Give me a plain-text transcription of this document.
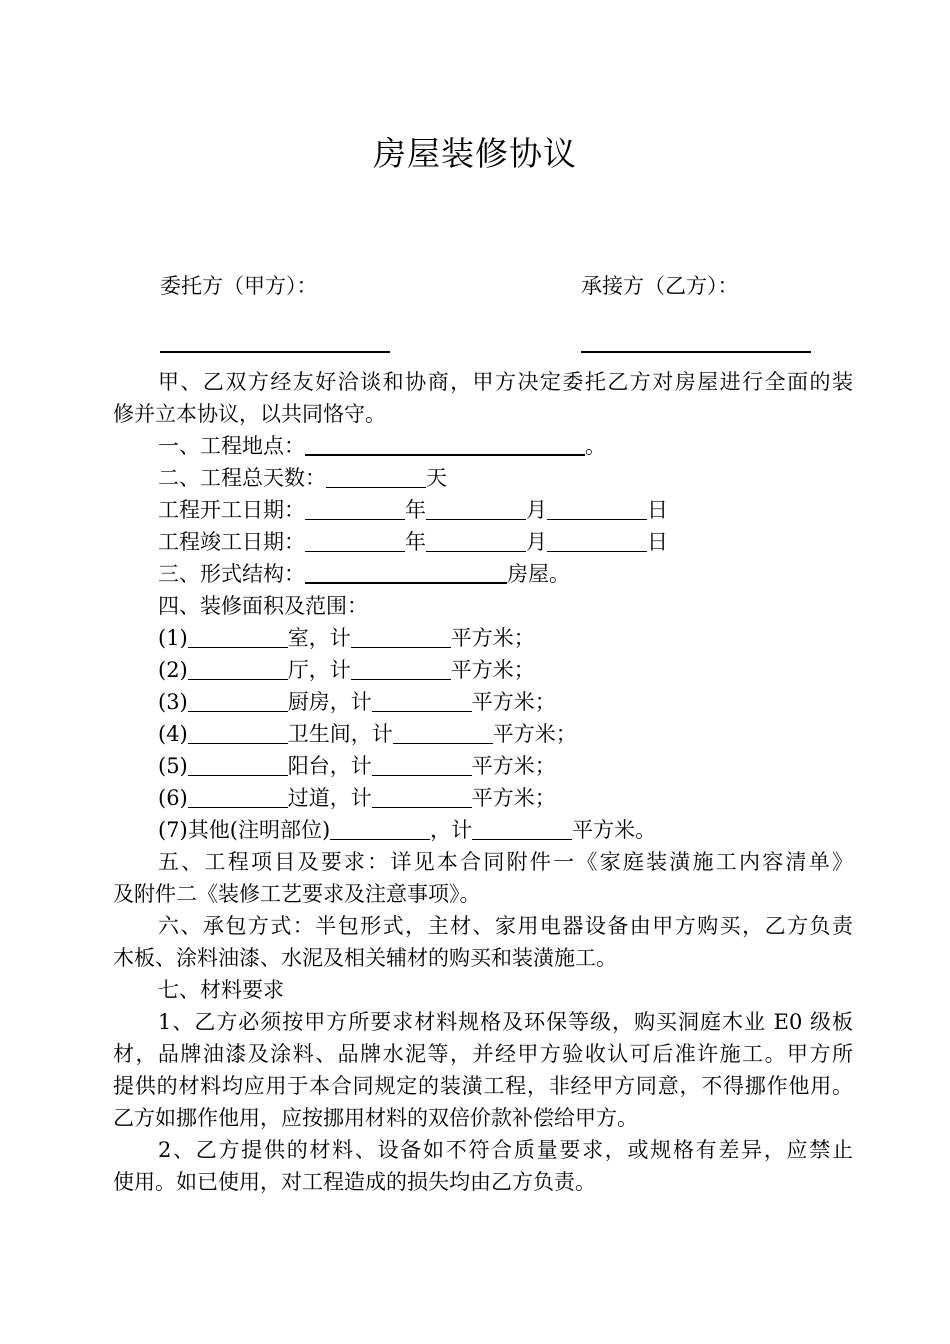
房屋装修协议
委托方（甲方）：	承接方（乙方）：
甲、乙双方经友好洽谈和协商，甲方决定委托乙方对房屋进行全面的装
修并立本协议，以共同恪守。
一、工程地点：	。
二、工程总天数：	天
工程开工日期：	年	月	日
工程竣工日期：	年	月	日
三、形式结构：	房屋。
四、装修面积及范围：
(1)	室，计	平方米；
(2)	厅，计	平方米；
(3)	厨房，计	平方米；
(4)	卫生间，计	平方米；
(5)	阳台，计	平方米；
(6)	过道，计	平方米；
(7)其他(注明部位)	，计	平方米。
五、工程项目及要求：详见本合同附件一《家庭装潢施工内容清单》
及附件二《装修工艺要求及注意事项》。
六、承包方式：半包形式，主材、家用电器设备由甲方购买，乙方负责
木板、涂料油漆、水泥及相关辅材的购买和装潢施工。
七、材料要求
1、乙方必须按甲方所要求材料规格及环保等级，购买洞庭木业 E0 级板
材，品牌油漆及涂料、品牌水泥等，并经甲方验收认可后准许施工。甲方所
提供的材料均应用于本合同规定的装潢工程，非经甲方同意，不得挪作他用。
乙方如挪作他用，应按挪用材料的双倍价款补偿给甲方。
2、乙方提供的材料、设备如不符合质量要求，或规格有差异，应禁止
使用。如已使用，对工程造成的损失均由乙方负责。
